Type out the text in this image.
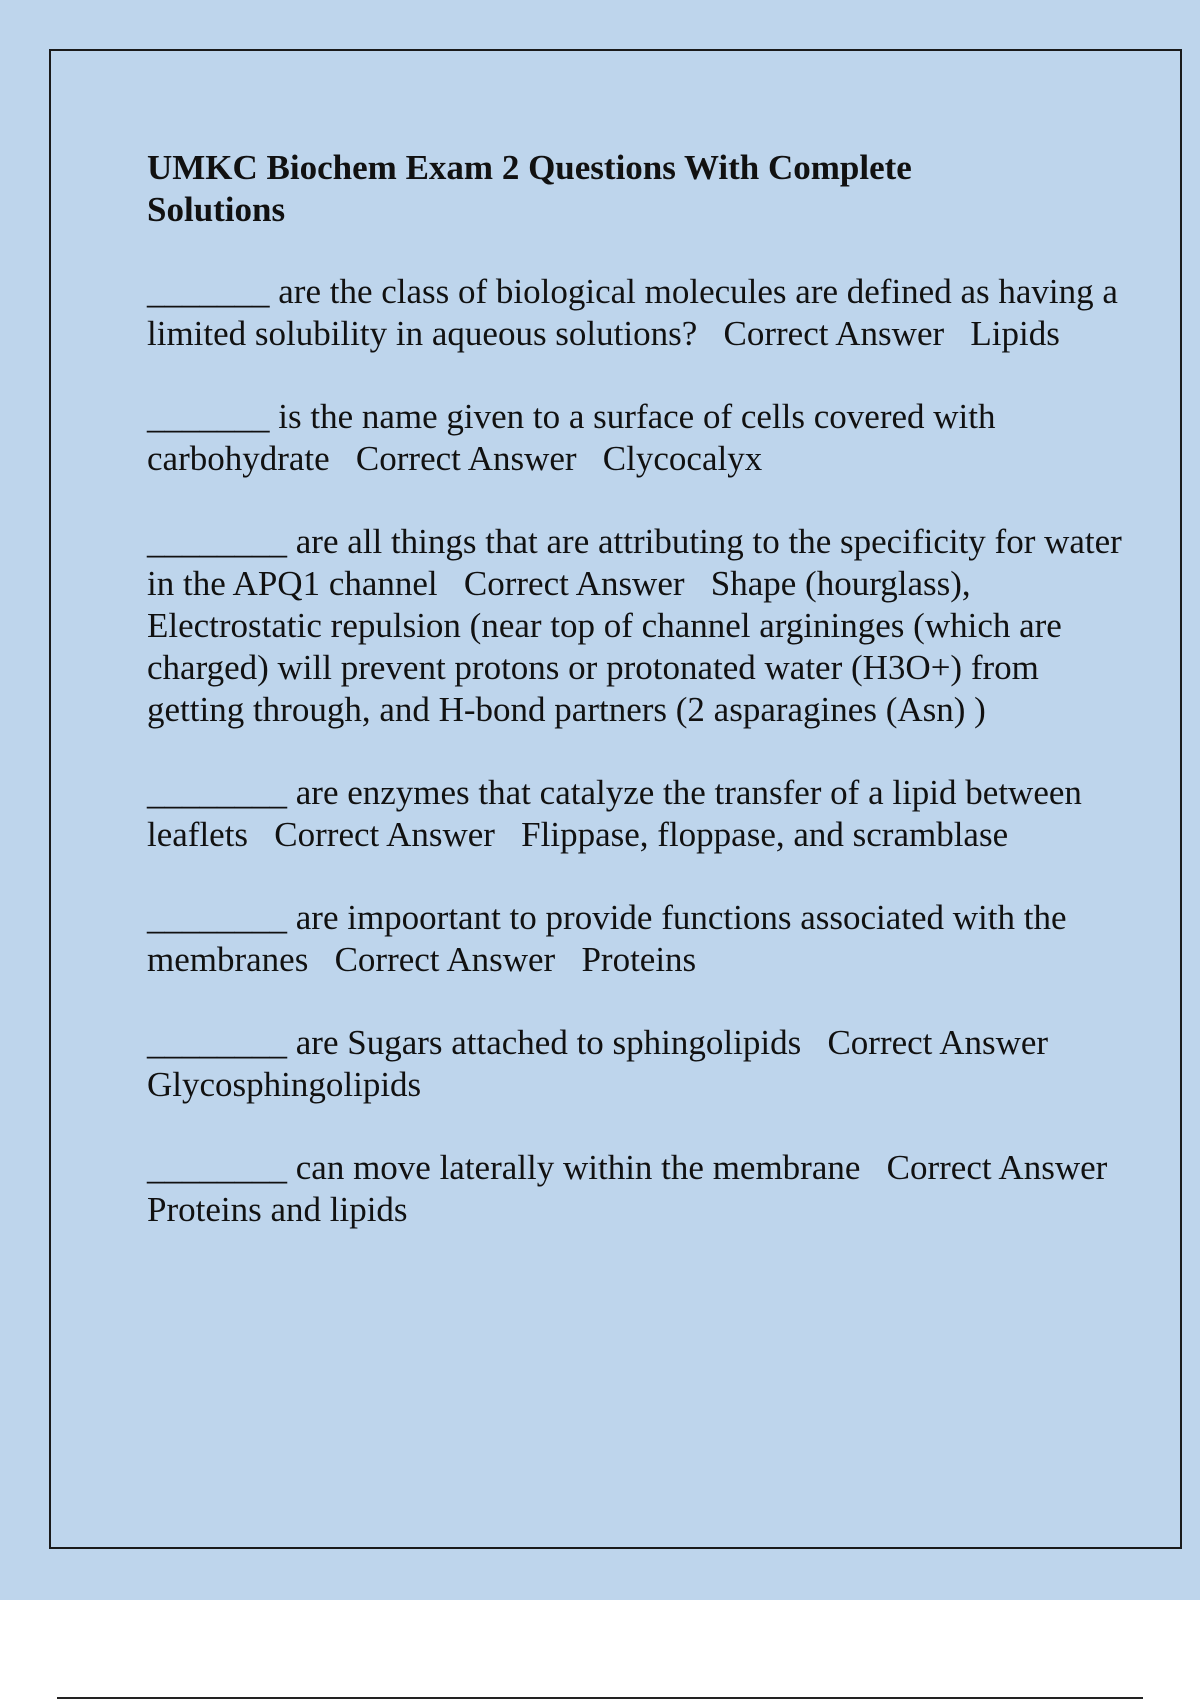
UMKC Biochem Exam 2 Questions With Complete Solutions

_______ are the class of biological molecules are defined as having a limited solubility in aqueous solutions?   Correct Answer   Lipids

_______ is the name given to a surface of cells covered with carbohydrate   Correct Answer   Clycocalyx

________ are all things that are attributing to the specificity for water in the APQ1 channel   Correct Answer   Shape (hourglass), Electrostatic repulsion (near top of channel argininges (which are charged) will prevent protons or protonated water (H3O+) from getting through, and H-bond partners (2 asparagines (Asn) )

________ are enzymes that catalyze the transfer of a lipid between leaflets   Correct Answer   Flippase, floppase, and scramblase

________ are impoortant to provide functions associated with the membranes   Correct Answer   Proteins

________ are Sugars attached to sphingolipids   Correct Answer   Glycosphingolipids

________ can move laterally within the membrane   Correct Answer   Proteins and lipids
